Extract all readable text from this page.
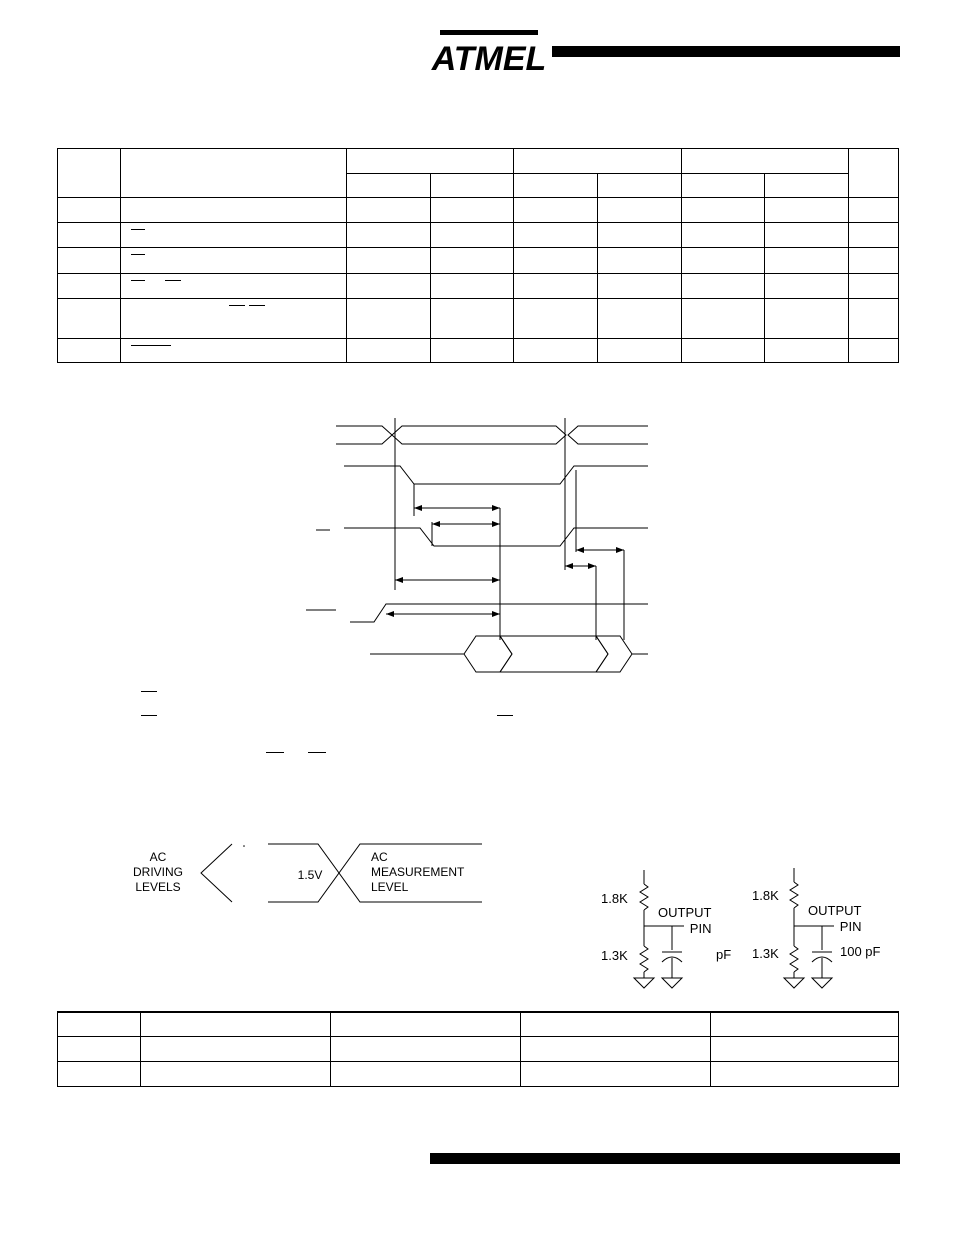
ATMEL

AC
DRIVING
LEVELS
1.5V
AC
MEASUREMENT
LEVEL
1.8K
1.3K
OUTPUT
PIN
pF
1.8K
1.3K
OUTPUT
PIN
100 pF
